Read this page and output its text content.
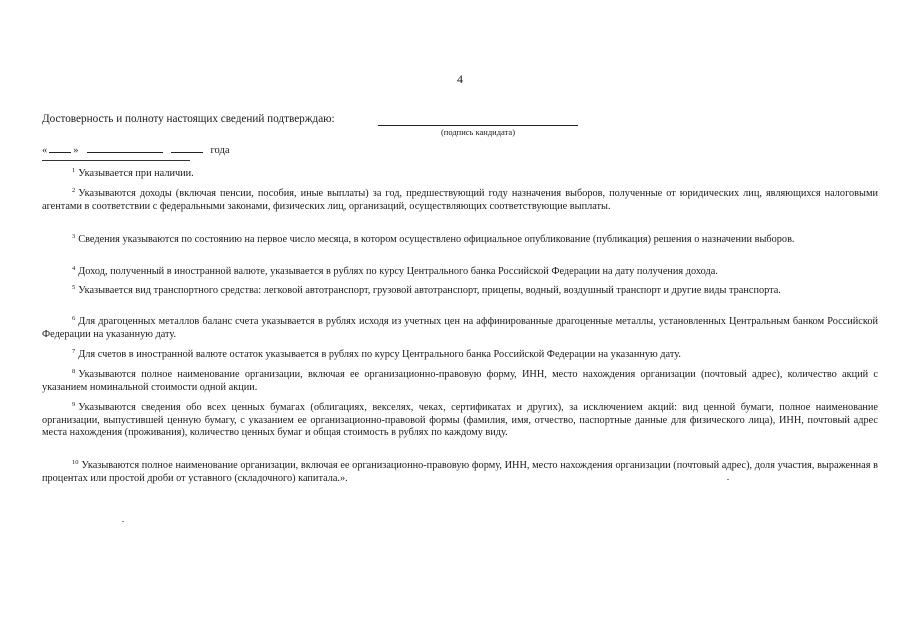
4
Достоверность и полноту настоящих сведений подтверждаю:
(подпись кандидата)
« »	года
$^1$ Указывается при наличии.
$^2$ Указываются доходы (включая пенсии, пособия, иные выплаты) за год, предшествующий году назначения выборов, полученные от юридических лиц, являющихся налоговыми агентами в соответствии с федеральными законами, физических лиц, организаций, осуществляющих соответствующие выплаты.
$^3$ Сведения указываются по состоянию на первое число месяца, в котором осуществлено официальное опубликование (публикация) решения о назначении выборов.
$^4$ Доход, полученный в иностранной валюте, указывается в рублях по курсу Центрального банка Российской Федерации на дату получения дохода.
$^5$ Указывается вид транспортного средства: легковой автотранспорт, грузовой автотранспорт, прицепы, водный, воздушный транспорт и другие виды транспорта.
$^6$ Для драгоценных металлов баланс счета указывается в рублях исходя из учетных цен на аффинированные драгоценные металлы, установленных Центральным банком Российской Федерации на указанную дату.
$^7$ Для счетов в иностранной валюте остаток указывается в рублях по курсу Центрального банка Российской Федерации на указанную дату.
$^8$ Указываются полное наименование организации, включая ее организационно-правовую форму, ИНН, место нахождения организации (почтовый адрес), количество акций с указанием номинальной стоимости одной акции.
$^9$ Указываются сведения обо всех ценных бумагах (облигациях, векселях, чеках, сертификатах и других), за исключением акций: вид ценной бумаги, полное наименование организации, выпустившей ценную бумагу, с указанием ее организационно-правовой формы (фамилия, имя, отчество, паспортные данные для физического лица), ИНН, почтовый адрес места нахождения (проживания), количество ценных бумаг и общая стоимость в рублях по каждому виду.
$^{10}$ Указываются полное наименование организации, включая ее организационно-правовую форму, ИНН, место нахождения организации (почтовый адрес), доля участия, выраженная в процентах или простой дроби от уставного (складочного) капитала.».
